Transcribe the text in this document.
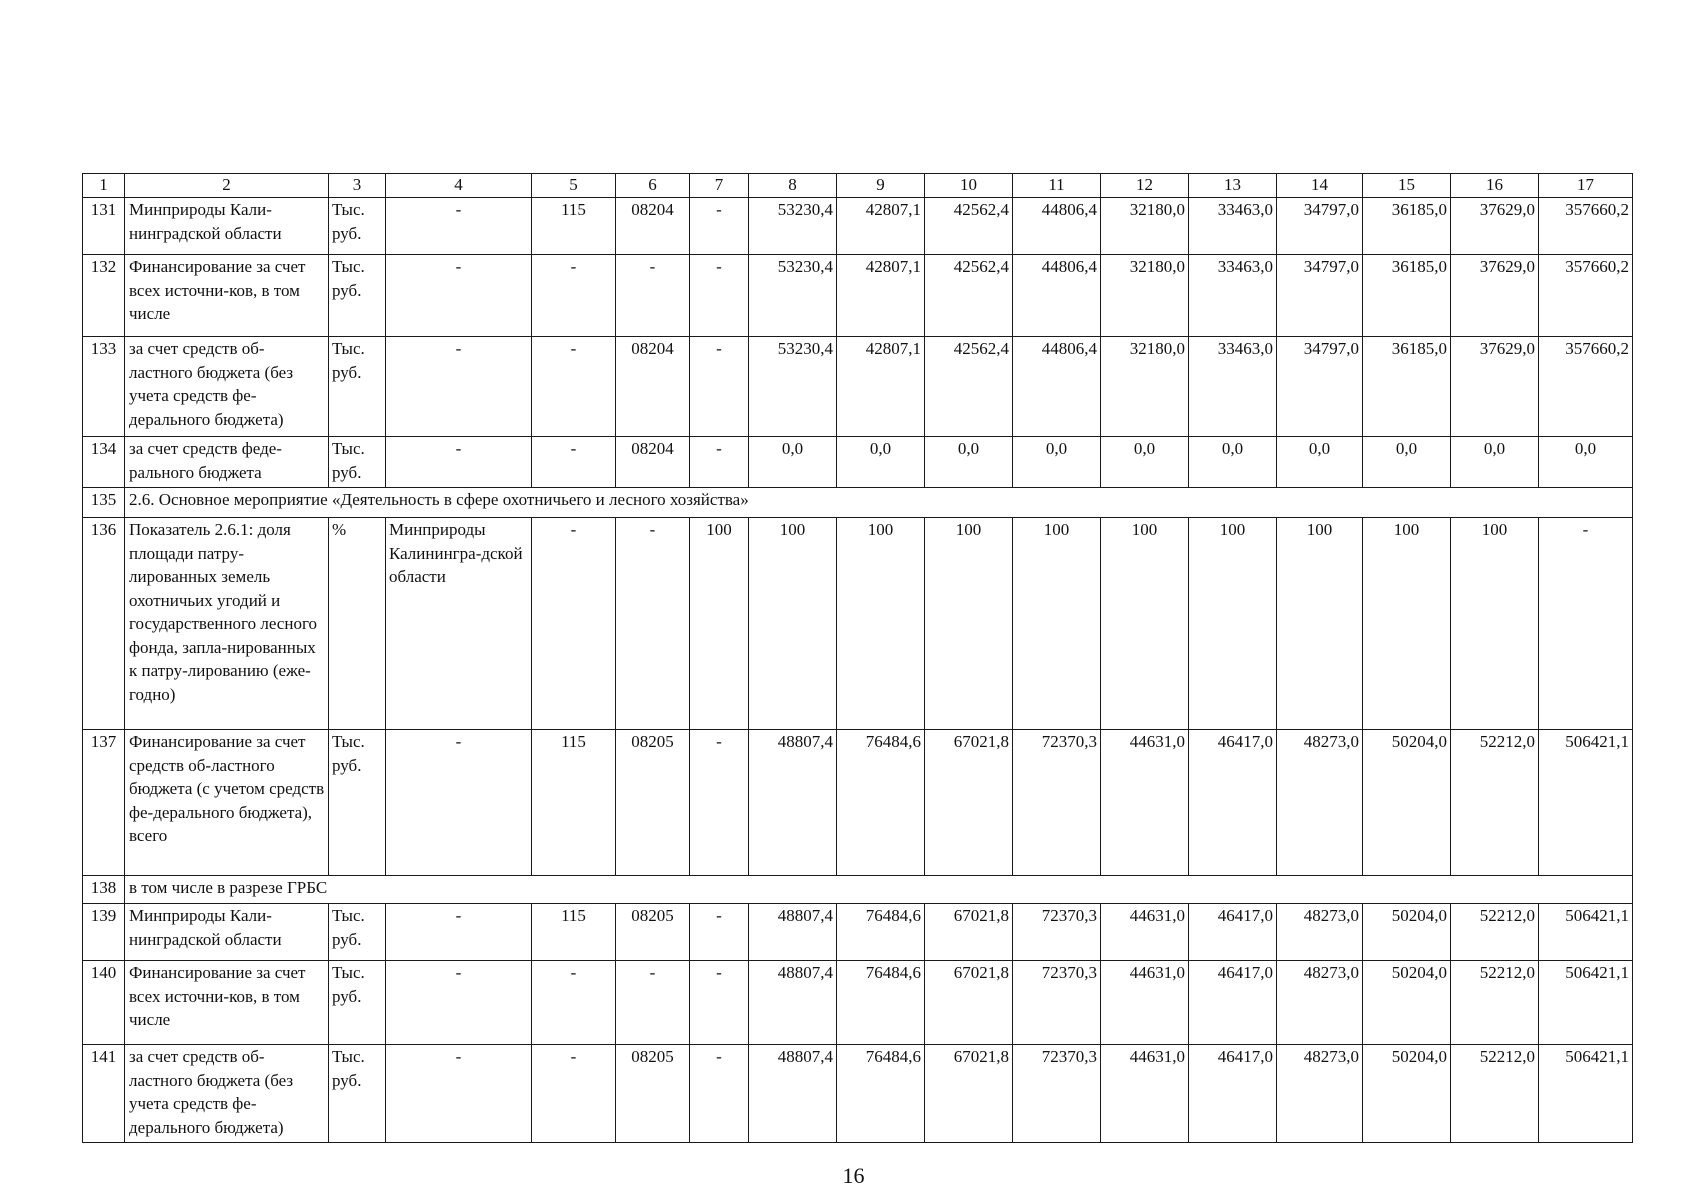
1	2	3	4	5	6	7	8	9	10	11	12	13	14	15	16	17
131	Минприроды Кали-нинградской области	Тыс. руб.	-	115	08204	-	53230,4	42807,1	42562,4	44806,4	32180,0	33463,0	34797,0	36185,0	37629,0	357660,2
132	Финансирование за счет всех источни-ков, в том числе	Тыс. руб.	-	-	-	-	53230,4	42807,1	42562,4	44806,4	32180,0	33463,0	34797,0	36185,0	37629,0	357660,2
133	за счет средств об-ластного бюджета (без учета средств фе-дерального бюджета)	Тыс. руб.	-	-	08204	-	53230,4	42807,1	42562,4	44806,4	32180,0	33463,0	34797,0	36185,0	37629,0	357660,2
134	за счет средств феде-рального бюджета	Тыс. руб.	-	-	08204	-	0,0	0,0	0,0	0,0	0,0	0,0	0,0	0,0	0,0	0,0
135	2.6. Основное мероприятие «Деятельность в сфере охотничьего и лесного хозяйства»															
136	Показатель 2.6.1: доля площади патру-лированных земель охотничьих угодий и государственного лесного фонда, запла-нированных к патру-лированию (еже-годно)	%	Минприроды Калинингра-дской области	-	-	100	100	100	100	100	100	100	100	100	100	-
137	Финансирование за счет средств об-ластного бюджета (с учетом средств фе-дерального бюджета), всего	Тыс. руб.	-	115	08205	-	48807,4	76484,6	67021,8	72370,3	44631,0	46417,0	48273,0	50204,0	52212,0	506421,1
138	в том числе в разрезе ГРБС															
139	Минприроды Кали-нинградской области	Тыс. руб.	-	115	08205	-	48807,4	76484,6	67021,8	72370,3	44631,0	46417,0	48273,0	50204,0	52212,0	506421,1
140	Финансирование за счет всех источни-ков, в том числе	Тыс. руб.	-	-	-	-	48807,4	76484,6	67021,8	72370,3	44631,0	46417,0	48273,0	50204,0	52212,0	506421,1
141	за счет средств об-ластного бюджета (без учета средств фе-дерального бюджета)	Тыс. руб.	-	-	08205	-	48807,4	76484,6	67021,8	72370,3	44631,0	46417,0	48273,0	50204,0	52212,0	506421,1
16
